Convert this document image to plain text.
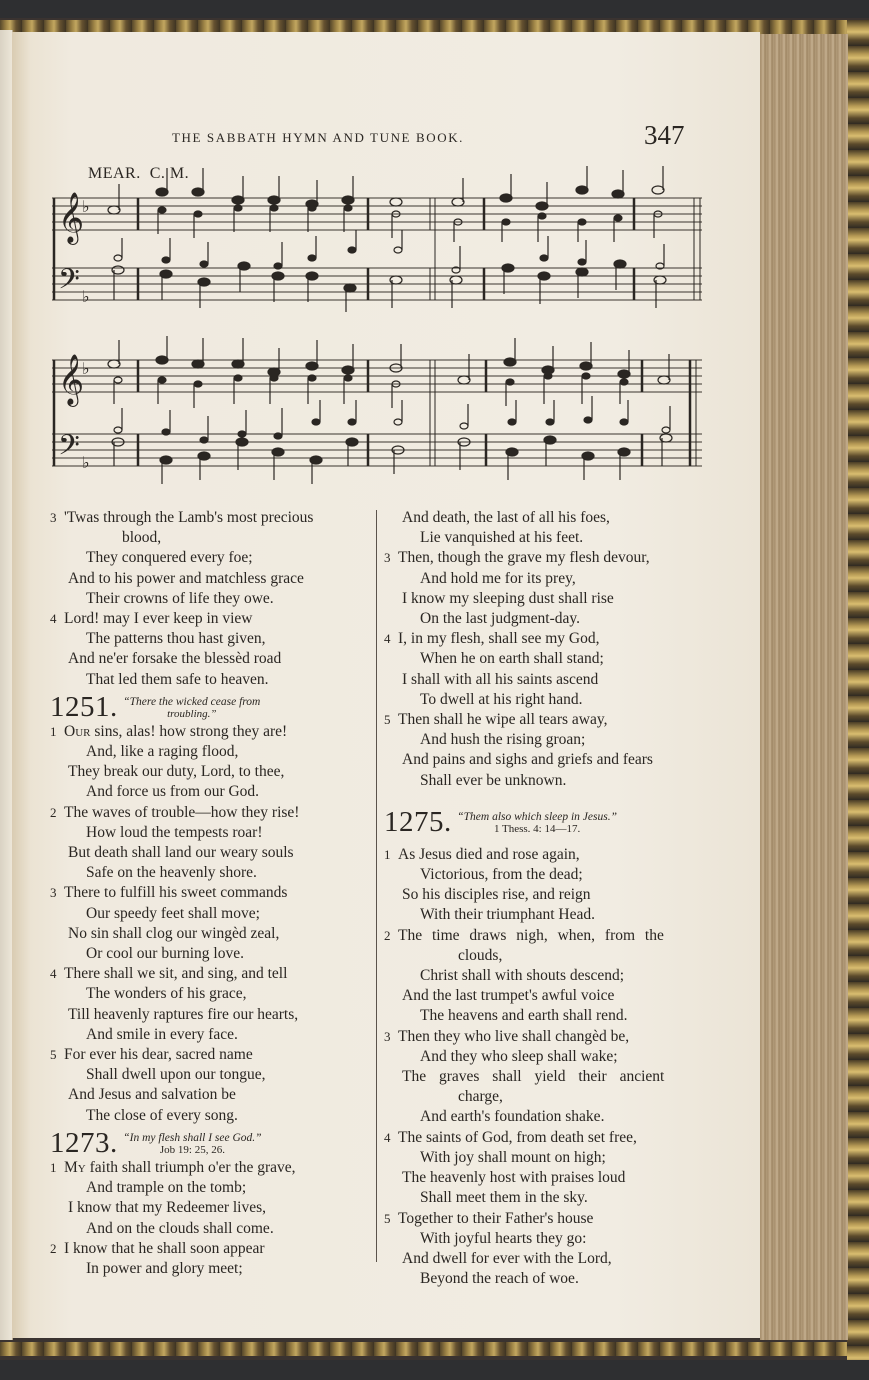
THE SABBATH HYMN AND TUNE BOOK.	347
MEAR. C. M.
𝄞
𝄢
♭
♭
𝄞
𝄢
♭
♭
3 'Twas through the Lamb's most precious
blood,
They conquered every foe;
And to his power and matchless grace
Their crowns of life they owe.
4 Lord! may I ever keep in view
The patterns thou hast given,
And ne'er forsake the blessèd road
That led them safe to heaven.
1251 . “There the wicked cease from
troubling.”
1 Our sins, alas! how strong they are!
And, like a raging flood,
They break our duty, Lord, to thee,
And force us from our God.
2 The waves of trouble—how they rise!
How loud the tempests roar!
But death shall land our weary souls
Safe on the heavenly shore.
3 There to fulfill his sweet commands
Our speedy feet shall move;
No sin shall clog our wingèd zeal,
Or cool our burning love.
4 There shall we sit, and sing, and tell
The wonders of his grace,
Till heavenly raptures fire our hearts,
And smile in every face.
5 For ever his dear, sacred name
Shall dwell upon our tongue,
And Jesus and salvation be
The close of every song.
1273 . “In my flesh shall I see God.”
Job 19: 25, 26.
1 My faith shall triumph o'er the grave,
And trample on the tomb;
I know that my Redeemer lives,
And on the clouds shall come.
2 I know that he shall soon appear
In power and glory meet;
And death, the last of all his foes,
Lie vanquished at his feet.
3 Then, though the grave my flesh devour,
And hold me for its prey,
I know my sleeping dust shall rise
On the last judgment-day.
4 I, in my flesh, shall see my God,
When he on earth shall stand;
I shall with all his saints ascend
To dwell at his right hand.
5 Then shall he wipe all tears away,
And hush the rising groan;
And pains and sighs and griefs and fears
Shall ever be unknown.
1275 . “Them also which sleep in Jesus.”
1 Thess. 4: 14—17.
1 As Jesus died and rose again,
Victorious, from the dead;
So his disciples rise, and reign
With their triumphant Head.
2 The time draws nigh, when, from the
clouds,
Christ shall with shouts descend;
And the last trumpet's awful voice
The heavens and earth shall rend.
3 Then they who live shall changèd be,
And they who sleep shall wake;
The graves shall yield their ancient
charge,
And earth's foundation shake.
4 The saints of God, from death set free,
With joy shall mount on high;
The heavenly host with praises loud
Shall meet them in the sky.
5 Together to their Father's house
With joyful hearts they go:
And dwell for ever with the Lord,
Beyond the reach of woe.
